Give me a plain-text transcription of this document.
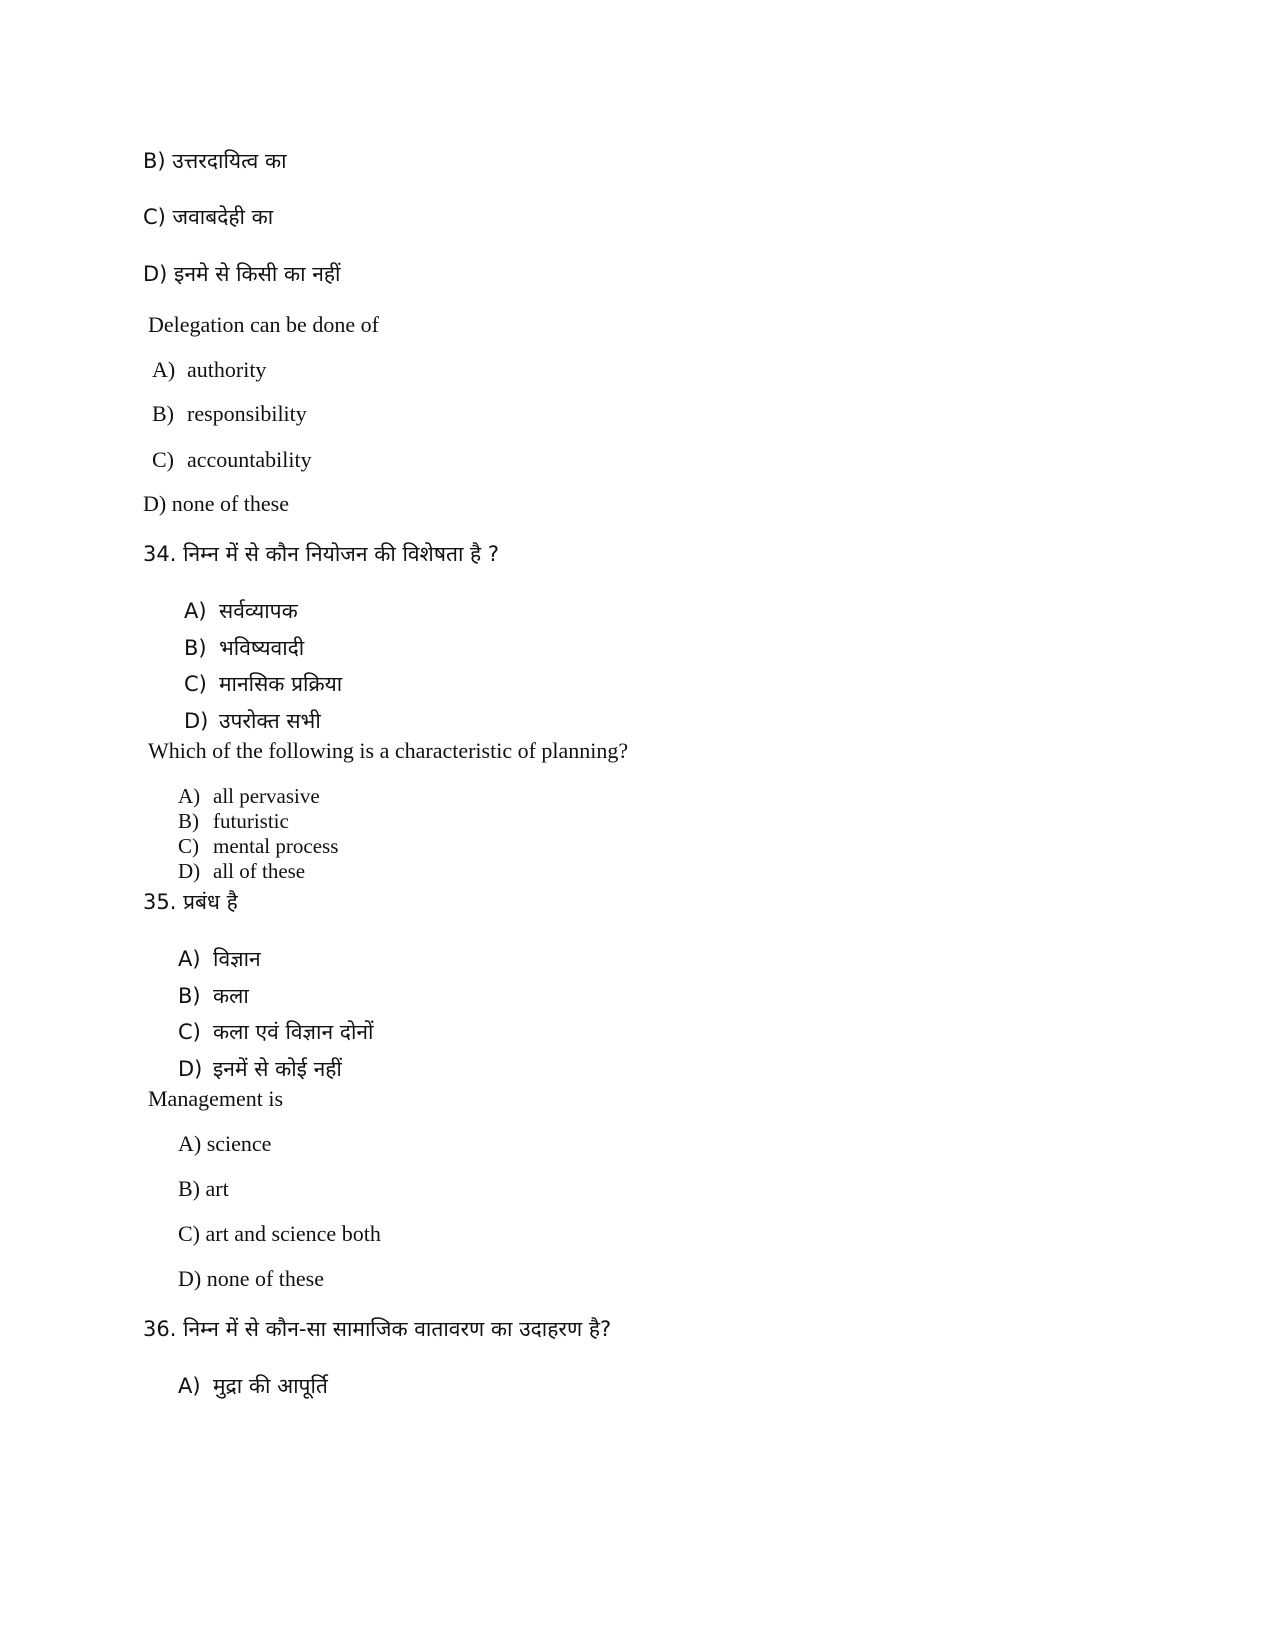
B) उत्तरदायित्व का
C) जवाबदेही का
D) इनमे से किसी का नहीं
Delegation can be done of
A) authority
B) responsibility
C) accountability
D) none of these
34. निम्न में से कौन नियोजन की विशेषता है ?
A) सर्वव्यापक
B) भविष्यवादी
C) मानसिक प्रक्रिया
D) उपरोक्त सभी
Which of the following is a characteristic of planning?
A) all pervasive
B) futuristic
C) mental process
D) all of these
35. प्रबंध है
A) विज्ञान
B) कला
C) कला एवं विज्ञान दोनों
D) इनमें से कोई नहीं
Management is
A) science
B) art
C) art and science both
D) none of these
36. निम्न में से कौन-सा सामाजिक वातावरण का उदाहरण है?
A) मुद्रा की आपूर्ति
